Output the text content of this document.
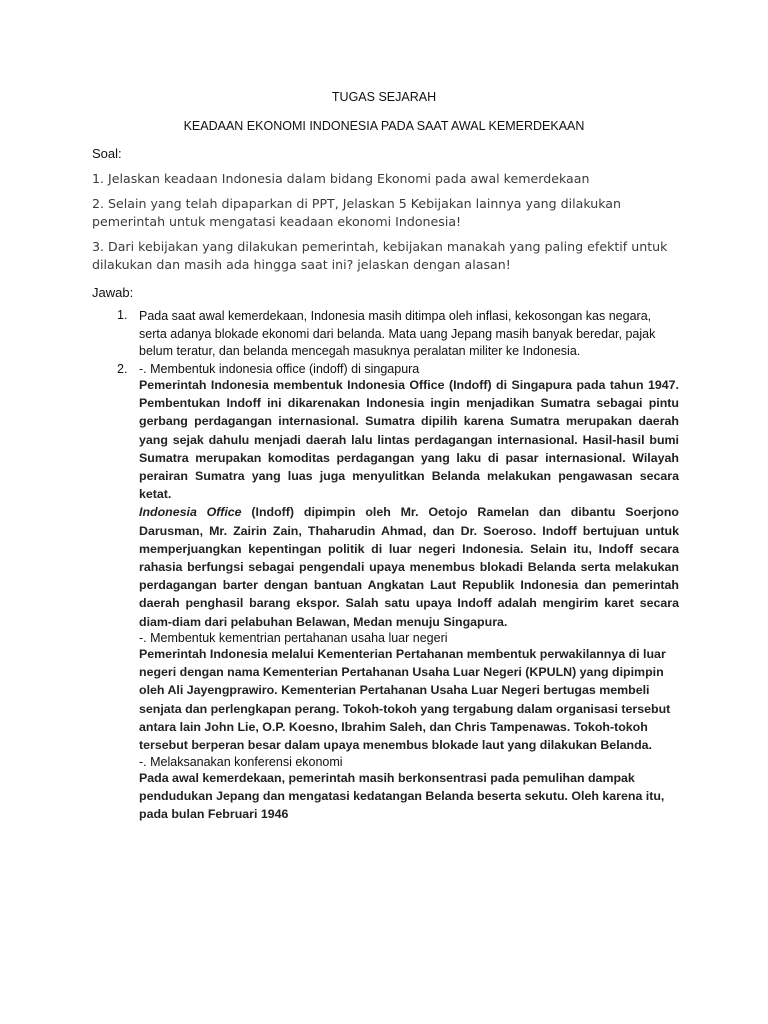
TUGAS SEJARAH
KEADAAN EKONOMI INDONESIA PADA SAAT AWAL KEMERDEKAAN
Soal:
1. Jelaskan keadaan Indonesia dalam bidang Ekonomi pada awal kemerdekaan
2. Selain yang telah dipaparkan di PPT, Jelaskan 5 Kebijakan lainnya yang dilakukan pemerintah untuk mengatasi keadaan ekonomi Indonesia!
3. Dari kebijakan yang dilakukan pemerintah, kebijakan manakah yang paling efektif untuk dilakukan dan masih ada hingga saat ini? jelaskan dengan alasan!
Jawab:
1. Pada saat awal kemerdekaan, Indonesia masih ditimpa oleh inflasi, kekosongan kas negara, serta adanya blokade ekonomi dari belanda. Mata uang Jepang masih banyak beredar, pajak belum teratur, dan belanda mencegah masuknya peralatan militer ke Indonesia.
2. -. Membentuk indonesia office (indoff) di singapura
Pemerintah Indonesia membentuk Indonesia Office (Indoff) di Singapura pada tahun 1947. Pembentukan Indoff ini dikarenakan Indonesia ingin menjadikan Sumatra sebagai pintu gerbang perdagangan internasional. Sumatra dipilih karena Sumatra merupakan daerah yang sejak dahulu menjadi daerah lalu lintas perdagangan internasional. Hasil-hasil bumi Sumatra merupakan komoditas perdagangan yang laku di pasar internasional. Wilayah perairan Sumatra yang luas juga menyulitkan Belanda melakukan pengawasan secara ketat.
Indonesia Office (Indoff) dipimpin oleh Mr. Oetojo Ramelan dan dibantu Soerjono Darusman, Mr. Zairin Zain, Thaharudin Ahmad, dan Dr. Soeroso. Indoff bertujuan untuk memperjuangkan kepentingan politik di luar negeri Indonesia. Selain itu, Indoff secara rahasia berfungsi sebagai pengendali upaya menembus blokadi Belanda serta melakukan perdagangan barter dengan bantuan Angkatan Laut Republik Indonesia dan pemerintah daerah penghasil barang ekspor. Salah satu upaya Indoff adalah mengirim karet secara diam-diam dari pelabuhan Belawan, Medan menuju Singapura.
-. Membentuk kementrian pertahanan usaha luar negeri
Pemerintah Indonesia melalui Kementerian Pertahanan membentuk perwakilannya di luar negeri dengan nama Kementerian Pertahanan Usaha Luar Negeri (KPULN) yang dipimpin oleh Ali Jayengprawiro. Kementerian Pertahanan Usaha Luar Negeri bertugas membeli senjata dan perlengkapan perang. Tokoh-tokoh yang tergabung dalam organisasi tersebut antara lain John Lie, O.P. Koesno, Ibrahim Saleh, dan Chris Tampenawas. Tokoh-tokoh tersebut berperan besar dalam upaya menembus blokade laut yang dilakukan Belanda.
-. Melaksanakan konferensi ekonomi
Pada awal kemerdekaan, pemerintah masih berkonsentrasi pada pemulihan dampak pendudukan Jepang dan mengatasi kedatangan Belanda beserta sekutu. Oleh karena itu, pada bulan Februari 1946
